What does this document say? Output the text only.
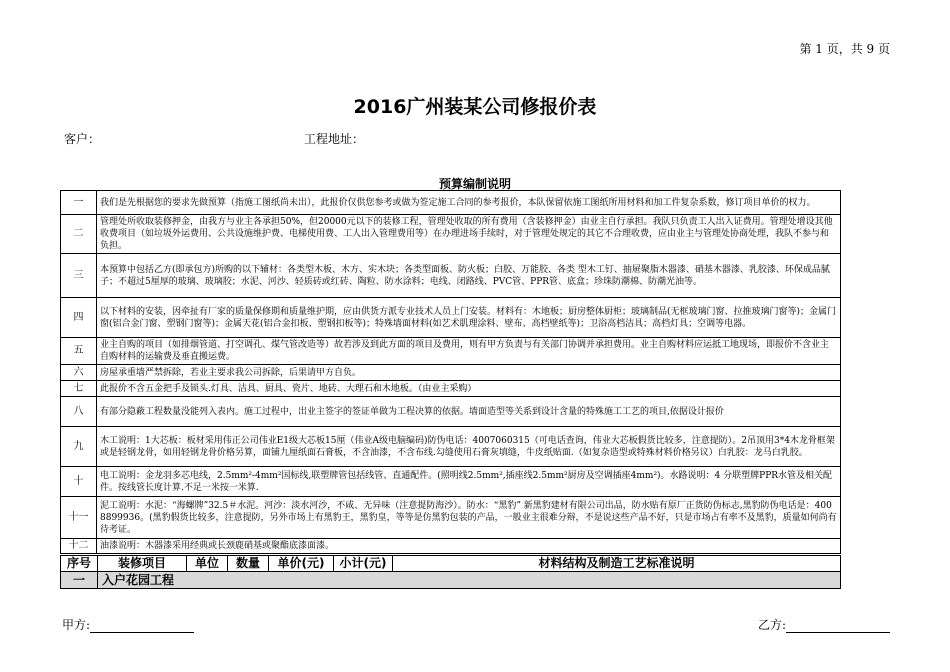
第 1 页，共 9 页
2016广州装某公司修报价表
客户：	工程地址：
预算编制说明
一	我们是先根据您的要求先做预算（指施工图纸尚未出），此报价仅供您参考或做为签定施工合同的参考报价，本队保留依施工图纸所用材料和加工件复杂系数，修订项目单价的权力。
二	管理处所收取装修押金，由我方与业主各承担50%，但20000元以下的装修工程，管理处收取的所有费用（含装修押金）由业主自行承担。我队只负责工人出入证费用。管理处增设其他收费项目（如垃圾外运费用、公共设施维护费、电梯使用费、工人出入管理费用等）在办理进场手续时，对于管理处规定的其它不合理收费，应由业主与管理处协商处理，我队不参与和负担。
三	本预算中包括乙方(即承包方)所购的以下辅材：各类型木板、木方、实木块；各类型面板、防火板；白胶、万能胶、各类 型木工钉、抽屉聚脂木器漆、硝基木器漆、乳胶漆、环保成品腻子；不超过5厘厚的玻璃、玻璃胶；水泥、河沙、轻质砖或红砖、陶粒、防水涂料；电线、闭路线、PVC管、PPR管、底盒；珍珠防潮棉、防潮光油等。
四	以下材料的安装，因牵扯有厂家的质量保修期和质量维护期，应由供货方派专业技术人员上门安装。材料有：木地板；厨房整体厨柜；玻璃制品(无框玻璃门窗、拉推玻璃门窗等)；金属门窗(铝合金门窗、塑钢门窗等)；金属天花(铝合金扣板、塑钢扣板等)；特殊墙面材料(如艺术肌理涂料、壁布、高档壁纸等)；卫浴高档洁具；高档灯具；空调等电器。
五	业主自购的项目（如排烟管道、打空调孔、煤气管改造等）故若涉及到此方面的项目及费用，则有甲方负责与有关部门协调并承担费用。业主自购材料应运抵工地现场，即报价不含业主自购材料的运输费及垂直搬运费。
六	房屋承重墙严禁拆除，若业主要求我公司拆除，后果请甲方自负。
七	此报价不含五金把手及锁头.灯具、洁具、厨具、瓷片、地砖、大理石和木地板。（由业主采购）
八	有部分隐蔽工程数量没能列入表内。施工过程中，出业主签字的签证单做为工程决算的依据。墙面造型等关系到设计含量的特殊施工工艺的项目,依据设计报价
九	木工说明：1大芯板：板材采用伟正公司伟业E1级大芯板15厘（伟业A级电脑编码)防伪电话：4007060315（可电话查询，伟业大芯板假货比较多，注意提防）。2吊顶用3*4木龙骨框架或是轻钢龙骨，如用轻钢龙骨价格另算，面铺九厘纸面石膏板，不含油漆，不含布线.勾缝使用石膏灰填缝，牛皮纸贴面.（如复杂造型或特殊材料价格另议）白乳胶：龙马白乳胶。
十	电工说明：金龙羽多芯电线，2.5mm²-4mm²国标线,联塑牌管包括线管、直通配件。(照明线2.5mm²,插座线2.5mm²厨房及空调插座4mm²)。水路说明：4 分联塑牌PPR水管及相关配件。按线管长度计算.不足一米按一米算.
十一	泥工说明：水泥：“海螺牌”32.5＃水泥。河沙：淡水河沙，不咸、无异味（注意提防海沙）。防水：“黑豹” 新黑豹建材有限公司出品，防水贴有原厂正货防伪标志,黑豹防伪电话是：4008899936。(黑豹假货比较多，注意提防，另外市场上有黑豹王，黑豹皇，等等是仿黑豹包装的产品，一般业主很难分辩，不是说这些产品不好，只是市场占有率不及黑豹，质量如何尚有待考证。
十二	油漆说明：木器漆采用经典或长颈鹿硝基或聚酯底漆面漆。
序号	装修项目	单位	数量	单价(元)	小计(元)	材料结构及制造工艺标准说明
一	入户花园工程
甲方:	乙方:
